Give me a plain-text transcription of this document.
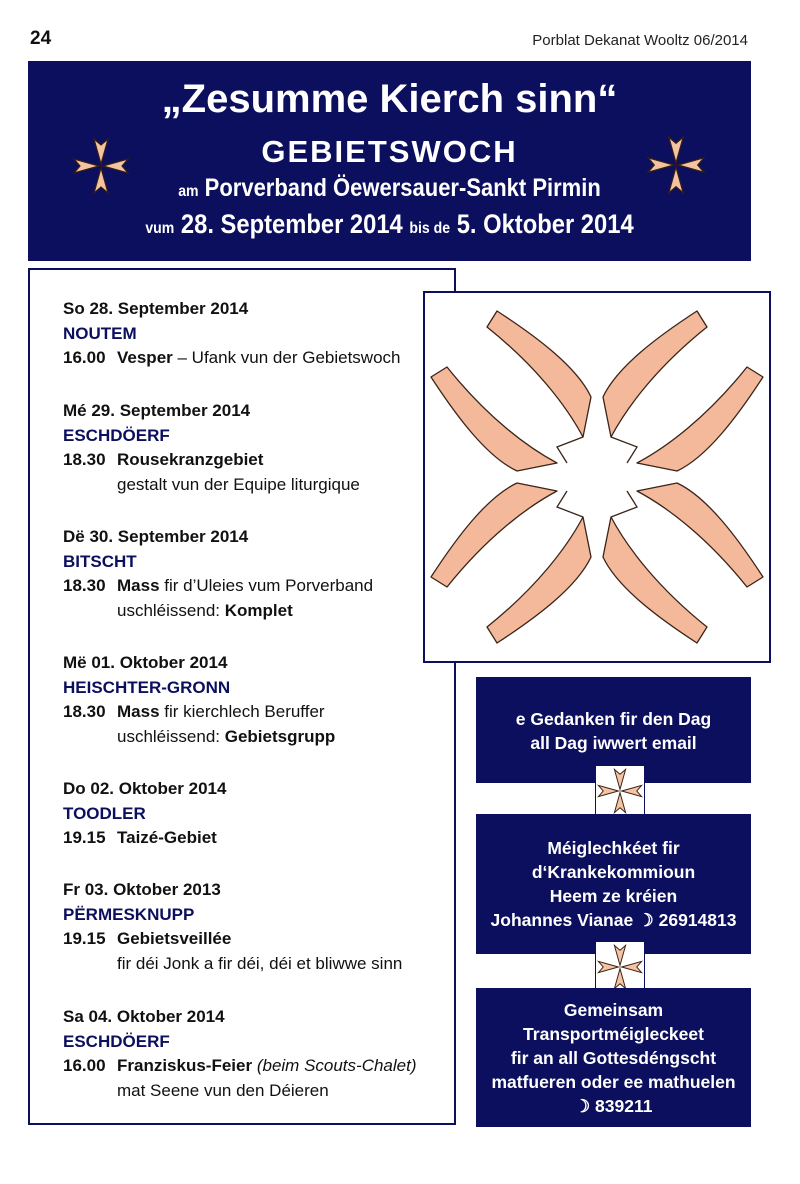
24	Porblat Dekanat Wooltz 06/2014
„Zesumme Kierch sinn“
GEBIETSWOCH
am Porverband Öewersauer-Sankt Pirmin
vum 28. September 2014 bis de 5. Oktober 2014
So 28. September 2014
NOUTEM
16.00 Vesper – Ufank vun der Gebietswoch
Mé 29. September 2014
ESCHDÖERF
18.30 Rousekranzgebiet
gestalt vun der Equipe liturgique
Dë 30. September 2014
BITSCHT
18.30 Mass fir d’Uleies vum Porverband
uschléissend: Komplet
Më 01. Oktober 2014
HEISCHTER-GRONN
18.30 Mass fir kierchlech Beruffer
uschléissend: Gebietsgrupp
Do 02. Oktober 2014
TOODLER
19.15 Taizé-Gebiet
Fr 03. Oktober 2013
PËRMESKNUPP
19.15 Gebietsveillée
fir déi Jonk a fir déi, déi et bliwwe sinn
Sa 04. Oktober 2014
ESCHDÖERF
16.00 Franziskus-Feier (beim Scouts-Chalet)
mat Seene vun den Déieren
e Gedanken fir den Dag
all Dag iwwert email
Méiglechkéet fir
d‘Krankekommioun
Heem ze kréien
Johannes Vianae ☽ 26914813
Gemeinsam
Transportméigleckeet
fir an all Gottesdéngscht
matfueren oder ee mathuelen
☽ 839211
